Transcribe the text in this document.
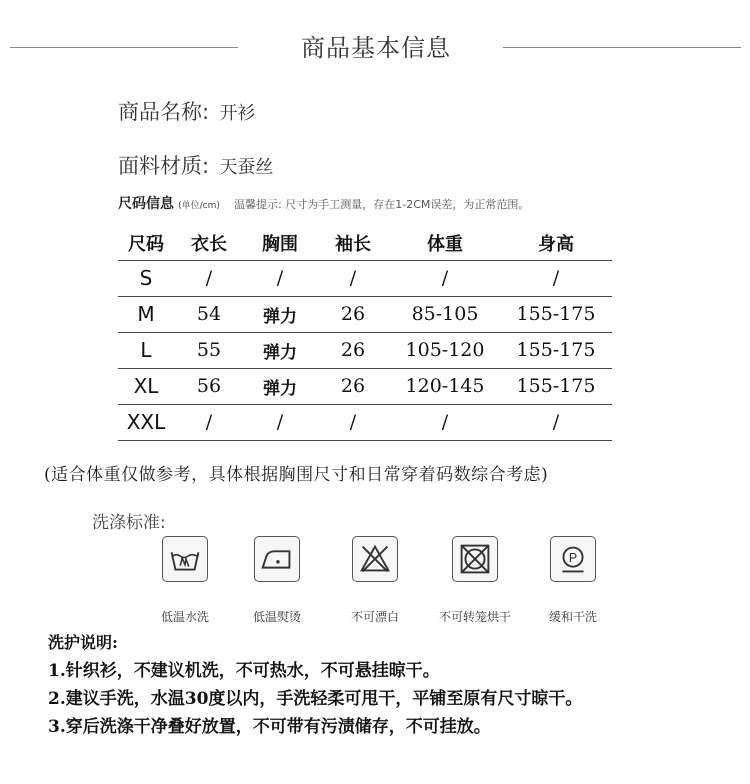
商品基本信息
商品名称: 开衫
面料材质: 天蚕丝
尺码信息 (单位/cm) 温馨提示: 尺寸为手工测量，存在1-2CM误差，为正常范围。
尺码	衣长	胸围	袖长	体重	身高
S	/	/	/	/	/
M	54	弹力	26	85-105	155-175
L	55	弹力	26	105-120	155-175
XL	56	弹力	26	120-145	155-175
XXL	/	/	/	/	/
(适合体重仅做参考，具体根据胸围尺寸和日常穿着码数综合考虑)
洗涤标准:
P
低温水洗	低温熨烫	不可漂白	不可转笼烘干	缓和干洗
洗护说明:
1.针织衫，不建议机洗，不可热水，不可悬挂晾干。
2.建议手洗，水温30度以内，手洗轻柔可甩干，平铺至原有尺寸晾干。
3.穿后洗涤干净叠好放置，不可带有污渍储存，不可挂放。
